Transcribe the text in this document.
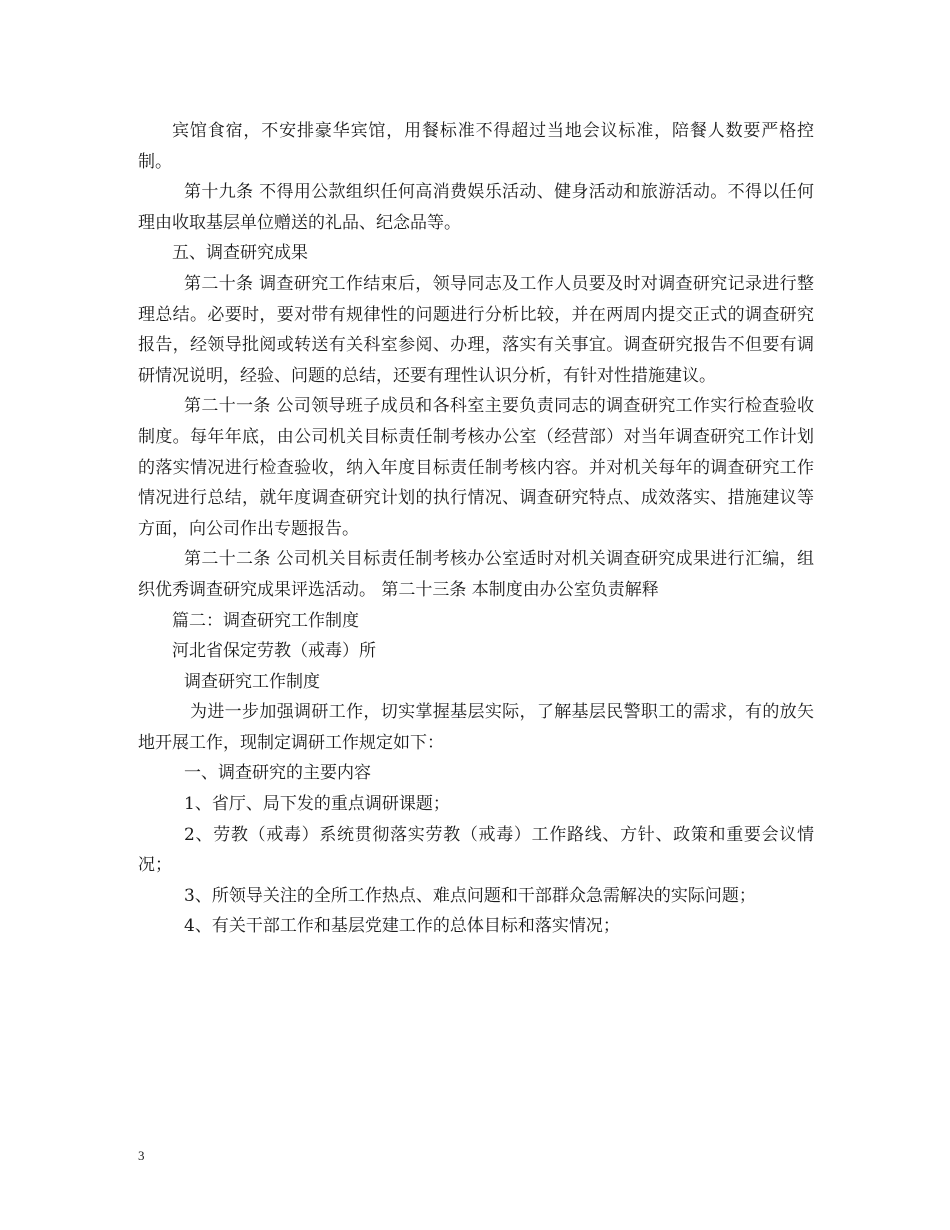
宾馆食宿，不安排豪华宾馆，用餐标准不得超过当地会议标准，陪餐人数要严格控制。

第十九条 不得用公款组织任何高消费娱乐活动、健身活动和旅游活动。不得以任何理由收取基层单位赠送的礼品、纪念品等。

五、调查研究成果

第二十条 调查研究工作结束后，领导同志及工作人员要及时对调查研究记录进行整理总结。必要时，要对带有规律性的问题进行分析比较，并在两周内提交正式的调查研究报告，经领导批阅或转送有关科室参阅、办理，落实有关事宜。调查研究报告不但要有调研情况说明，经验、问题的总结，还要有理性认识分析，有针对性措施建议。

第二十一条 公司领导班子成员和各科室主要负责同志的调查研究工作实行检查验收制度。每年年底，由公司机关目标责任制考核办公室（经营部）对当年调查研究工作计划的落实情况进行检查验收，纳入年度目标责任制考核内容。并对机关每年的调查研究工作情况进行总结，就年度调查研究计划的执行情况、调查研究特点、成效落实、措施建议等方面，向公司作出专题报告。

第二十二条 公司机关目标责任制考核办公室适时对机关调查研究成果进行汇编，组织优秀调查研究成果评选活动。 第二十三条 本制度由办公室负责解释

篇二：调查研究工作制度

河北省保定劳教（戒毒）所

调查研究工作制度

为进一步加强调研工作，切实掌握基层实际，了解基层民警职工的需求，有的放矢地开展工作，现制定调研工作规定如下：

一、调查研究的主要内容

1、省厅、局下发的重点调研课题；

2、劳教（戒毒）系统贯彻落实劳教（戒毒）工作路线、方针、政策和重要会议情况；

3、所领导关注的全所工作热点、难点问题和干部群众急需解决的实际问题；

4、有关干部工作和基层党建工作的总体目标和落实情况；

3
